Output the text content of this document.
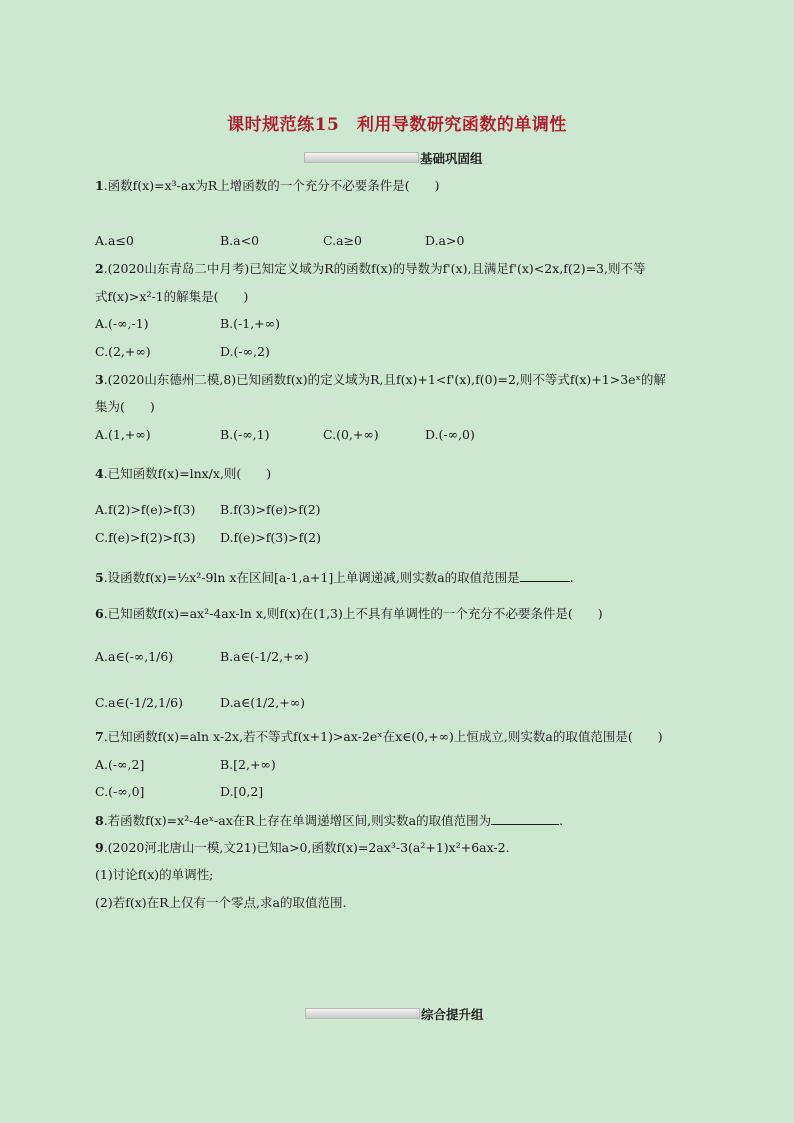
课时规范练15　利用导数研究函数的单调性
基础巩固组
1.函数f(x)=x³-ax为R上增函数的一个充分不必要条件是(　　)
A.a≤0	B.a<0	C.a≥0	D.a>0
2.(2020山东青岛二中月考)已知定义域为R的函数f(x)的导数为f'(x),且满足f'(x)<2x,f(2)=3,则不等
式f(x)>x²-1的解集是(　　)
A.(-∞,-1)	B.(-1,+∞)
C.(2,+∞)	D.(-∞,2)
3.(2020山东德州二模,8)已知函数f(x)的定义域为R,且f(x)+1<f'(x),f(0)=2,则不等式f(x)+1>3eˣ的解
集为(　　)
A.(1,+∞)	B.(-∞,1)	C.(0,+∞)	D.(-∞,0)
4.已知函数f(x)=lnx/x,则(　　)
A.f(2)>f(e)>f(3) B.f(3)>f(e)>f(2)
C.f(e)>f(2)>f(3) D.f(e)>f(3)>f(2)
5.设函数f(x)=½x²-9ln x在区间[a-1,a+1]上单调递减,则实数a的取值范围是	.
6.已知函数f(x)=ax²-4ax-ln x,则f(x)在(1,3)上不具有单调性的一个充分不必要条件是(　　)
A.a∈(-∞,1/6)	B.a∈(-1/2,+∞)
C.a∈(-1/2,1/6)	D.a∈(1/2,+∞)
7.已知函数f(x)=aln x-2x,若不等式f(x+1)>ax-2eˣ在x∈(0,+∞)上恒成立,则实数a的取值范围是(　　)
A.(-∞,2]	B.[2,+∞)
C.(-∞,0]	D.[0,2]
8.若函数f(x)=x²-4eˣ-ax在R上存在单调递增区间,则实数a的取值范围为	.
9.(2020河北唐山一模,文21)已知a>0,函数f(x)=2ax³-3(a²+1)x²+6ax-2.
(1)讨论f(x)的单调性;
(2)若f(x)在R上仅有一个零点,求a的取值范围.
综合提升组
